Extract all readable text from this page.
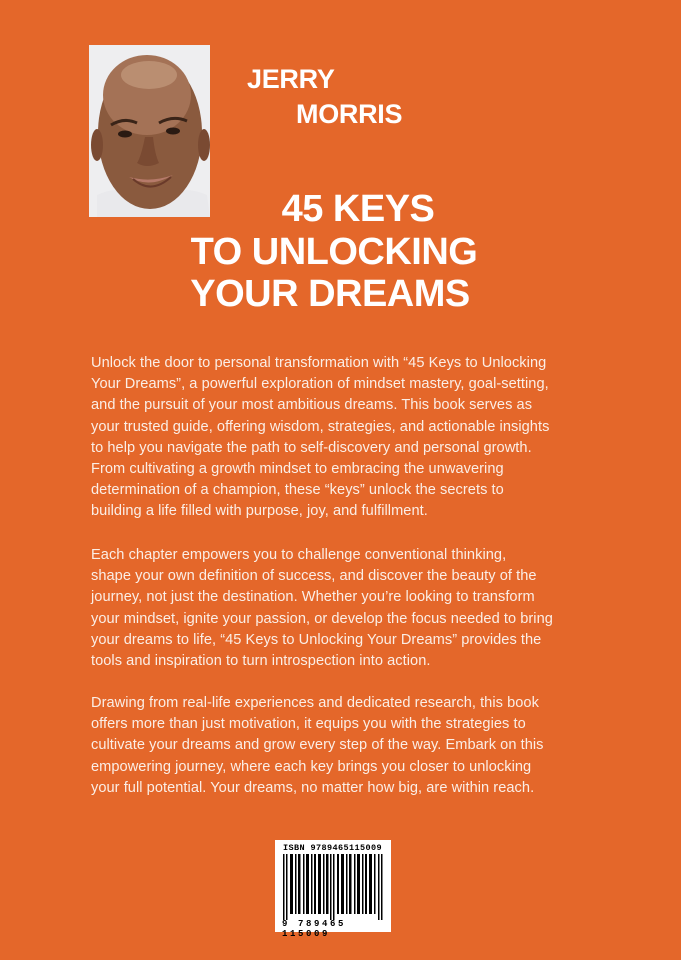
JERRY
MORRIS
45 KEYS
TO UNLOCKING
YOUR DREAMS
Unlock the door to personal transformation with “45 Keys to Unlocking
Your Dreams”, a powerful exploration of mindset mastery, goal-setting,
and the pursuit of your most ambitious dreams. This book serves as
your trusted guide, offering wisdom, strategies, and actionable insights
to help you navigate the path to self-discovery and personal growth.
From cultivating a growth mindset to embracing the unwavering
determination of a champion, these “keys” unlock the secrets to
building a life filled with purpose, joy, and fulfillment.
Each chapter empowers you to challenge conventional thinking,
shape your own definition of success, and discover the beauty of the
journey, not just the destination. Whether you’re looking to transform
your mindset, ignite your passion, or develop the focus needed to bring
your dreams to life, “45 Keys to Unlocking Your Dreams” provides the
tools and inspiration to turn introspection into action.
Drawing from real-life experiences and dedicated research, this book
offers more than just motivation, it equips you with the strategies to
cultivate your dreams and grow every step of the way. Embark on this
empowering journey, where each key brings you closer to unlocking
your full potential. Your dreams, no matter how big, are within reach.
ISBN 9789465115009
9 789465 115009
